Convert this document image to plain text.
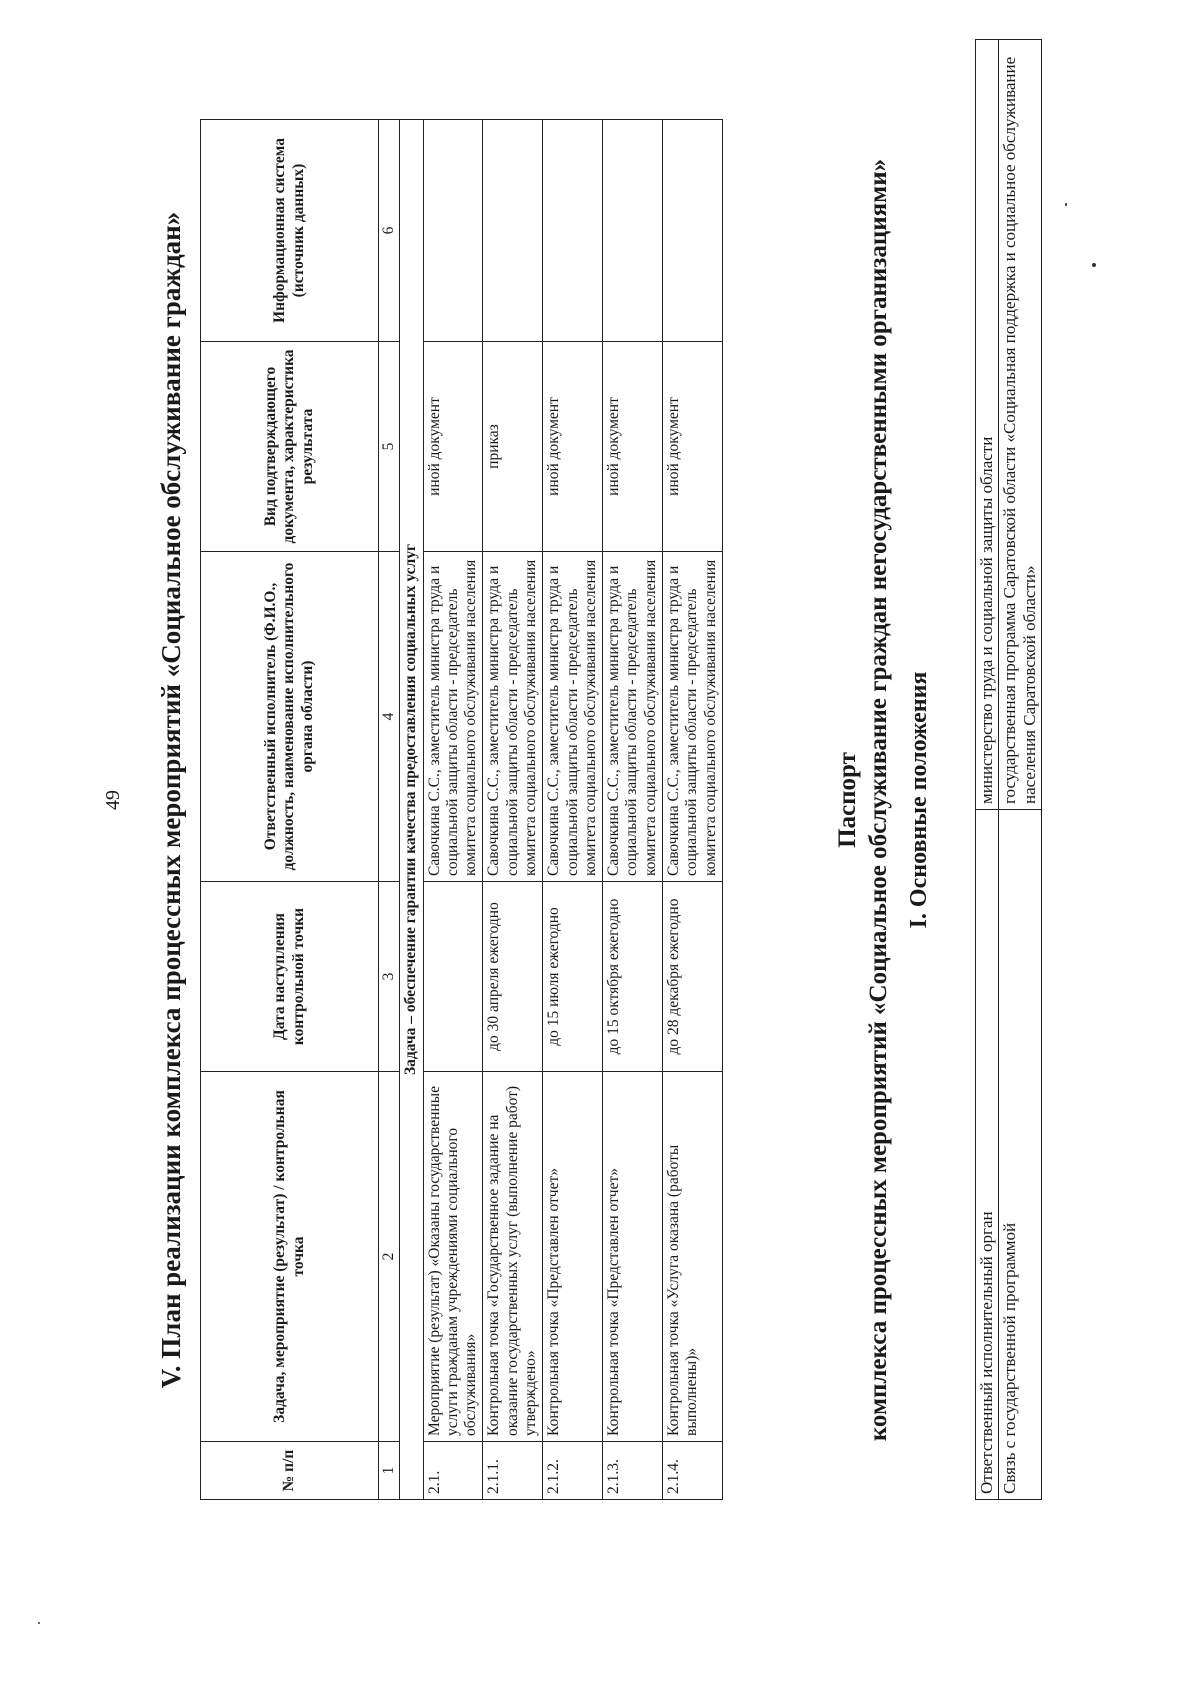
49 V. План реализации комплекса процессных мероприятий «Социальное обслуживание граждан»
№ п/п	Задача, мероприятие (результат) / контрольная точка	Дата наступления контрольной точки	Ответственный исполнитель (Ф.И.О., должность, наименование исполнительного органа области)	Вид подтверждающего документа, характеристика результата	Информационная система (источник данных)
1	2	3	4	5	6
Задача – обеспечение гарантии качества предоставления социальных услуг					
2.1.	Мероприятие (результат) «Оказаны государственные услуги гражданам учреждениями социального обслуживания»		Савочкина С.С., заместитель министра труда и социальной защиты области - председатель комитета социального обслуживания населения	иной документ	
2.1.1.	Контрольная точка «Государственное задание на оказание государственных услуг (выполнение работ) утверждено»	до 30 апреля ежегодно	Савочкина С.С., заместитель министра труда и социальной защиты области - председатель комитета социального обслуживания населения	приказ	
2.1.2.	Контрольная точка «Представлен отчет»	до 15 июля ежегодно	Савочкина С.С., заместитель министра труда и социальной защиты области - председатель комитета социального обслуживания населения	иной документ	
2.1.3.	Контрольная точка «Представлен отчет»	до 15 октября ежегодно	Савочкина С.С., заместитель министра труда и социальной защиты области - председатель комитета социального обслуживания населения	иной документ	
2.1.4.	Контрольная точка «Услуга оказана (работы выполнены)»	до 28 декабря ежегодно	Савочкина С.С., заместитель министра труда и социальной защиты области - председатель комитета социального обслуживания населения	иной документ	
Паспорт комплекса процессных мероприятий «Социальное обслуживание граждан негосударственными организациями» I. Основные положения
Ответственный исполнительный орган	министерство труда и социальной защиты области
Связь с государственной программой	государственная программа Саратовской области «Социальная поддержка и социальное обслуживание населения Саратовской области»
